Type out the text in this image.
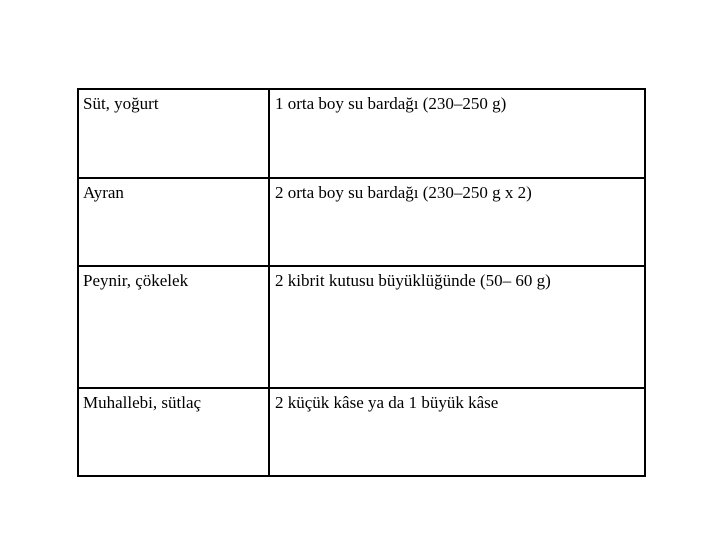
Süt, yoğurt	1 orta boy su bardağı (230–250 g)
Ayran	2 orta boy su bardağı (230–250 g x 2)
Peynir, çökelek	2 kibrit kutusu büyüklüğünde (50– 60 g)
Muhallebi, sütlaç	2 küçük kâse ya da 1 büyük kâse
